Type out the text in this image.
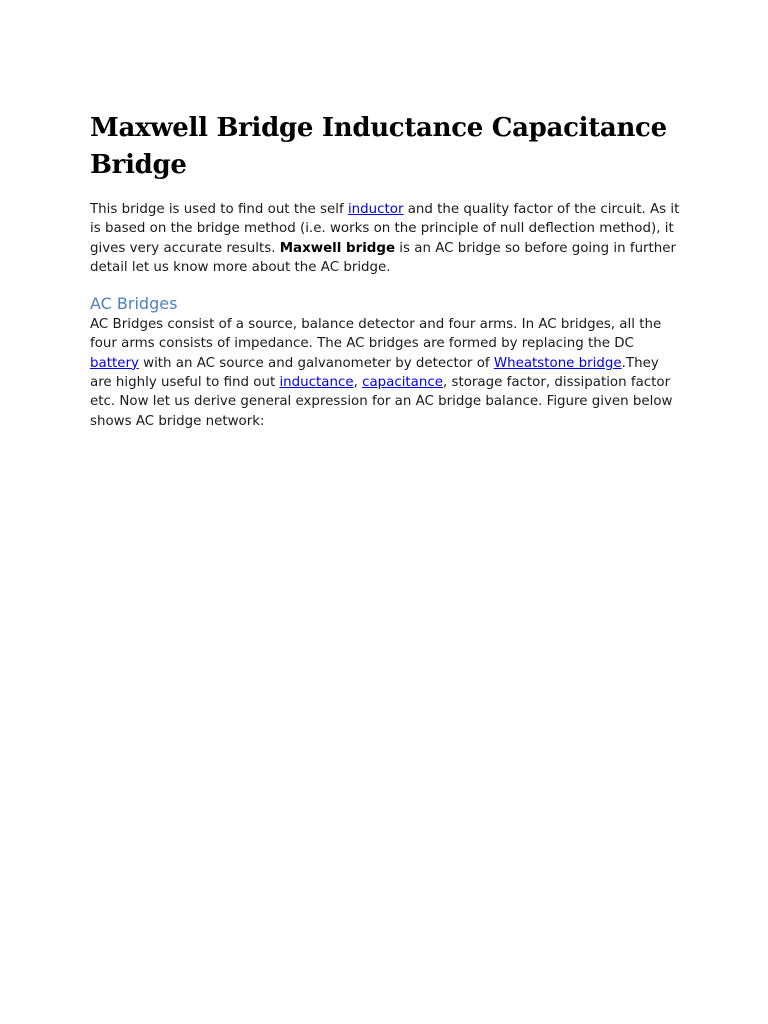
Maxwell Bridge Inductance Capacitance Bridge

This bridge is used to find out the self inductor and the quality factor of the circuit. As it is based on the bridge method (i.e. works on the principle of null deflection method), it gives very accurate results. Maxwell bridge is an AC bridge so before going in further detail let us know more about the AC bridge.

AC Bridges

AC Bridges consist of a source, balance detector and four arms. In AC bridges, all the four arms consists of impedance. The AC bridges are formed by replacing the DC battery with an AC source and galvanometer by detector of Wheatstone bridge.They are highly useful to find out inductance, capacitance, storage factor, dissipation factor etc. Now let us derive general expression for an AC bridge balance. Figure given below shows AC bridge network:
